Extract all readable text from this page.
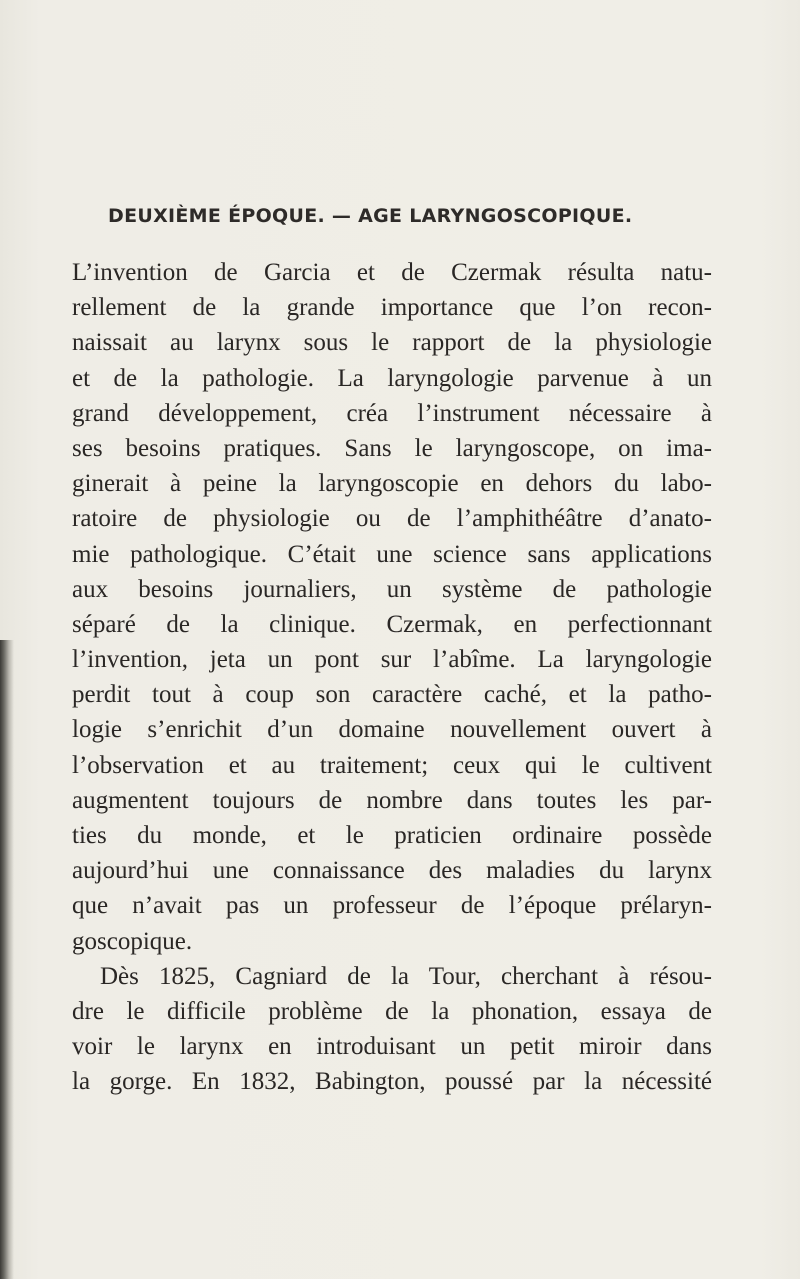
DEUXIÈME ÉPOQUE. — AGE LARYNGOSCOPIQUE.
L’invention de Garcia et de Czermak résulta natu-
rellement de la grande importance que l’on recon-
naissait au larynx sous le rapport de la physiologie
et de la pathologie. La laryngologie parvenue à un
grand développement, créa l’instrument nécessaire à
ses besoins pratiques. Sans le laryngoscope, on ima-
ginerait à peine la laryngoscopie en dehors du labo-
ratoire de physiologie ou de l’amphithéâtre d’anato-
mie pathologique. C’était une science sans applications
aux besoins journaliers, un système de pathologie
séparé de la clinique. Czermak, en perfectionnant
l’invention, jeta un pont sur l’abîme. La laryngologie
perdit tout à coup son caractère caché, et la patho-
logie s’enrichit d’un domaine nouvellement ouvert à
l’observation et au traitement; ceux qui le cultivent
augmentent toujours de nombre dans toutes les par-
ties du monde, et le praticien ordinaire possède
aujourd’hui une connaissance des maladies du larynx
que n’avait pas un professeur de l’époque prélaryn-
goscopique.
Dès 1825, Cagniard de la Tour, cherchant à résou-
dre le difficile problème de la phonation, essaya de
voir le larynx en introduisant un petit miroir dans
la gorge. En 1832, Babington, poussé par la nécessité
